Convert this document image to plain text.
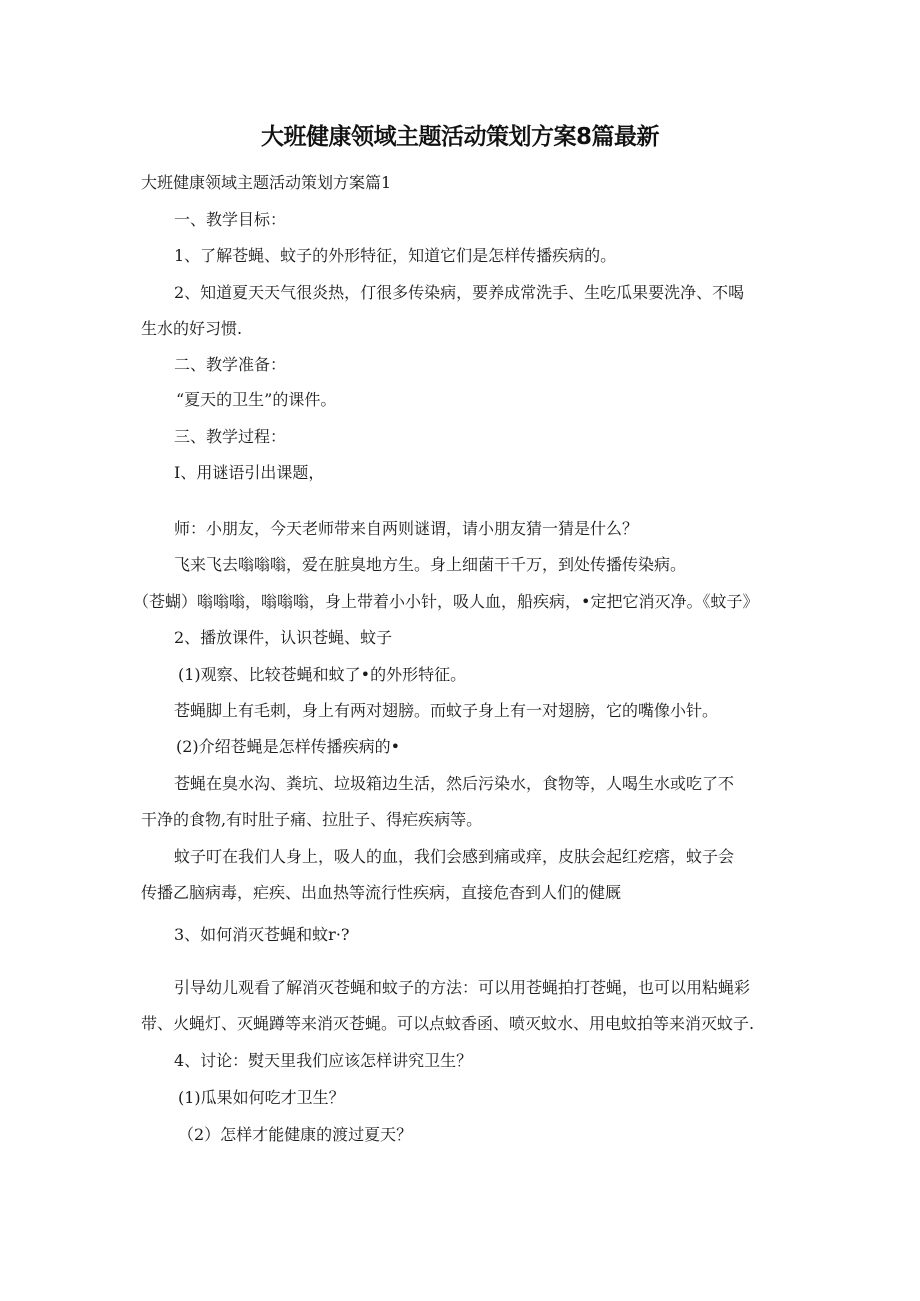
大班健康领域主题活动策划方案8篇最新
大班健康领域主题活动策划方案篇1
一、教学目标：
1、了解苍蝇、蚊子的外形特征，知道它们是怎样传播疾病的。
2、知道夏天天气很炎热，仃很多传染病，要养成常洗手、生吃瓜果要洗净、不喝
生水的好习惯.
二、教学准备：
“夏天的卫生”的课件。
三、教学过程：
I、用谜语引出课题，
师：小朋友，今天老师带来自两则谜谓，请小朋友猜一猜是什么？
飞来飞去嗡嗡嗡，爱在脏臭地方生。身上细菌干千万，到处传播传染病。
（苍蝴）嗡嗡嗡，嗡嗡嗡，身上带着小小针，吸人血，船疾病，•定把它消灭净。《蚊子》
2、播放课件，认识苍蝇、蚊子
(1)观察、比较苍蝇和蚊了•的外形特征。
苍蝇脚上有毛刺，身上有两对翅膀。而蚊子身上有一对翅膀，它的嘴像小针。
(2)介绍苍蝇是怎样传播疾病的•
苍蝇在臭水沟、粪坑、垃圾箱边生活，然后污染水，食物等，人喝生水或吃了不
干净的食物,有时肚子痛、拉肚子、得疟疾病等。
蚊子叮在我们人身上，吸人的血，我们会感到痛或痒，皮肤会起红疙瘩，蚊子会
传播乙脑病毒，疟疾、出血热等流行性疾病，直接危杳到人们的健厩
3、如何消灭苍蝇和蚊r·?
引导幼儿观看了解消灭苍蝇和蚊子的方法：可以用苍蝇拍打苍蝇，也可以用粘蝇彩
带、火蝇灯、灭蝇蹲等来消灭苍蝇。可以点蚊香函、喷灭蚊水、用电蚊拍等来消灭蚊子.
4、讨论：熨天里我们应该怎样讲究卫生？
(1)瓜果如何吃才卫生？
（2）怎样才能健康的渡过夏天？
